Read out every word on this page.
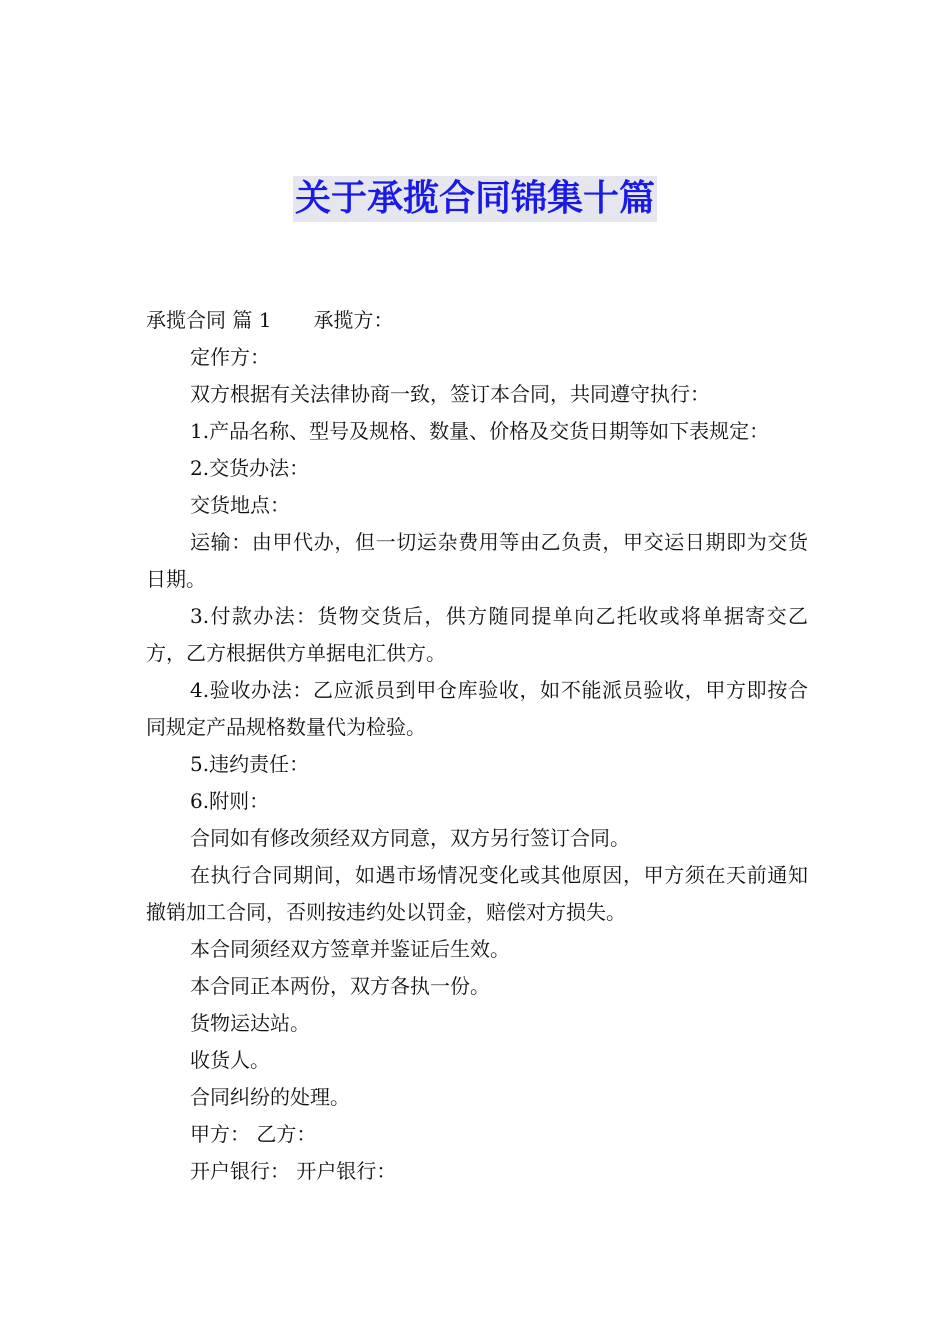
关于承揽合同锦集十篇

承揽合同 篇 1 承揽方：

定作方：

双方根据有关法律协商一致，签订本合同，共同遵守执行：

1.产品名称、型号及规格、数量、价格及交货日期等如下表规定：

2.交货办法：

交货地点：

运输：由甲代办，但一切运杂费用等由乙负责，甲交运日期即为交货日期。

3.付款办法：货物交货后，供方随同提单向乙托收或将单据寄交乙方，乙方根据供方单据电汇供方。

4.验收办法：乙应派员到甲仓库验收，如不能派员验收，甲方即按合同规定产品规格数量代为检验。

5.违约责任：

6.附则：

合同如有修改须经双方同意，双方另行签订合同。

在执行合同期间，如遇市场情况变化或其他原因，甲方须在天前通知撤销加工合同，否则按违约处以罚金，赔偿对方损失。

本合同须经双方签章并鉴证后生效。

本合同正本两份，双方各执一份。

货物运达站。

收货人。

合同纠纷的处理。

甲方： 乙方：

开户银行： 开户银行：
